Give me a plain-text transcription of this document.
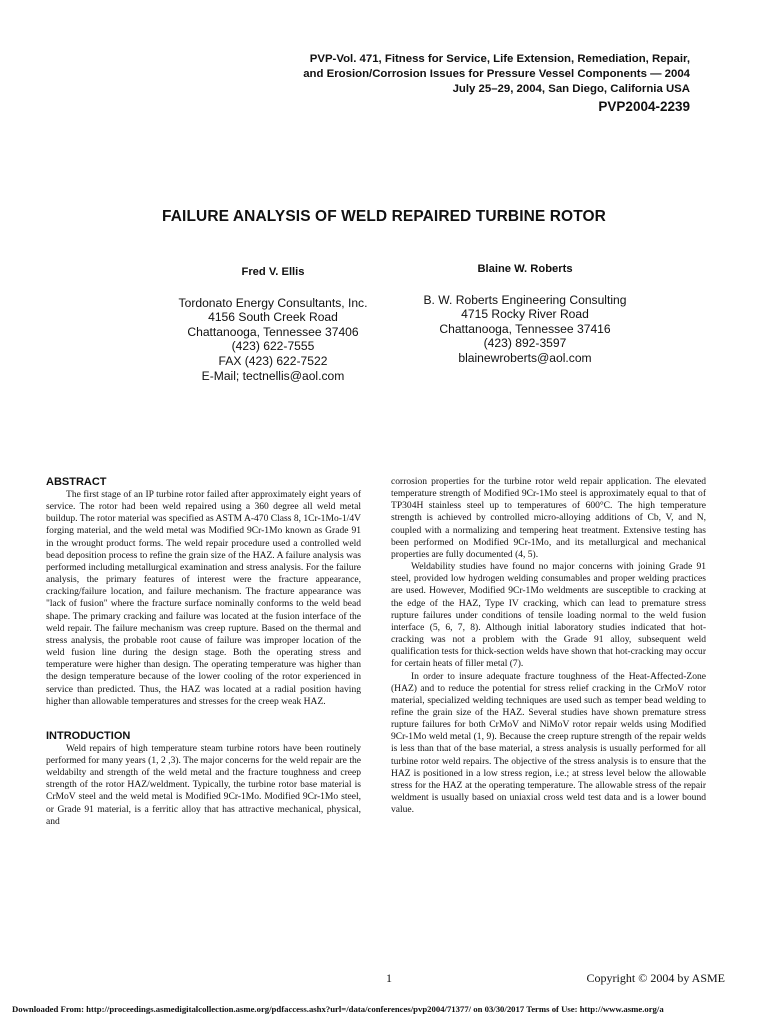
PVP-Vol. 471, Fitness for Service, Life Extension, Remediation, Repair,
and Erosion/Corrosion Issues for Pressure Vessel Components — 2004
July 25–29, 2004, San Diego, California USA
PVP2004-2239
FAILURE ANALYSIS OF WELD REPAIRED TURBINE ROTOR
Fred V. Ellis
Tordonato Energy Consultants, Inc.
4156 South Creek Road
Chattanooga, Tennessee 37406
(423) 622-7555
FAX (423) 622-7522
E-Mail; tectnellis@aol.com
Blaine W. Roberts
B. W. Roberts Engineering Consulting
4715 Rocky River Road
Chattanooga, Tennessee 37416
(423) 892-3597
blainewroberts@aol.com
ABSTRACT

The first stage of an IP turbine rotor failed after approximately eight years of service. The rotor had been weld repaired using a 360 degree all weld metal buildup. The rotor material was specified as ASTM A-470 Class 8, 1Cr-1Mo-1/4V forging material, and the weld metal was Modified 9Cr-1Mo known as Grade 91 in the wrought product forms. The weld repair procedure used a controlled weld bead deposition process to refine the grain size of the HAZ. A failure analysis was performed including metallurgical examination and stress analysis. For the failure analysis, the primary features of interest were the fracture appearance, cracking/failure location, and failure mechanism. The fracture appearance was "lack of fusion" where the fracture surface nominally conforms to the weld bead shape. The primary cracking and failure was located at the fusion interface of the weld repair. The failure mechanism was creep rupture. Based on the thermal and stress analysis, the probable root cause of failure was improper location of the weld fusion line during the design stage. Both the operating stress and temperature were higher than design. The operating temperature was higher than the design temperature because of the lower cooling of the rotor experienced in service than predicted. Thus, the HAZ was located at a radial position having higher than allowable temperatures and stresses for the creep weak HAZ.

INTRODUCTION

Weld repairs of high temperature steam turbine rotors have been routinely performed for many years (1, 2 ,3). The major concerns for the weld repair are the weldabilty and strength of the weld metal and the fracture toughness and creep strength of the rotor HAZ/weldment. Typically, the turbine rotor base material is CrMoV steel and the weld metal is Modified 9Cr-1Mo. Modified 9Cr-1Mo steel, or Grade 91 material, is a ferritic alloy that has attractive mechanical, physical, and

corrosion properties for the turbine rotor weld repair application. The elevated temperature strength of Modified 9Cr-1Mo steel is approximately equal to that of TP304H stainless steel up to temperatures of 600°C. The high temperature strength is achieved by controlled micro-alloying additions of Cb, V, and N, coupled with a normalizing and tempering heat treatment. Extensive testing has been performed on Modified 9Cr-1Mo, and its metallurgical and mechanical properties are fully documented (4, 5).

Weldability studies have found no major concerns with joining Grade 91 steel, provided low hydrogen welding consumables and proper welding practices are used. However, Modified 9Cr-1Mo weldments are susceptible to cracking at the edge of the HAZ, Type IV cracking, which can lead to premature stress rupture failures under conditions of tensile loading normal to the weld fusion interface (5, 6, 7, 8). Although initial laboratory studies indicated that hot-cracking was not a problem with the Grade 91 alloy, subsequent weld qualification tests for thick-section welds have shown that hot-cracking may occur for certain heats of filler metal (7).

In order to insure adequate fracture toughness of the Heat-Affected-Zone (HAZ) and to reduce the potential for stress relief cracking in the CrMoV rotor material, specialized welding techniques are used such as temper bead welding to refine the grain size of the HAZ. Several studies have shown premature stress rupture failures for both CrMoV and NiMoV rotor repair welds using Modified 9Cr-1Mo weld metal (1, 9). Because the creep rupture strength of the repair welds is less than that of the base material, a stress analysis is usually performed for all turbine rotor weld repairs. The objective of the stress analysis is to ensure that the HAZ is positioned in a low stress region, i.e.; at stress level below the allowable stress for the HAZ at the operating temperature. The allowable stress of the repair weldment is usually based on uniaxial cross weld test data and is a lower bound value.

1	Copyright © 2004 by ASME
Downloaded From: http://proceedings.asmedigitalcollection.asme.org/pdfaccess.ashx?url=/data/conferences/pvp2004/71377/ on 03/30/2017 Terms of Use: http://www.asme.org/a
